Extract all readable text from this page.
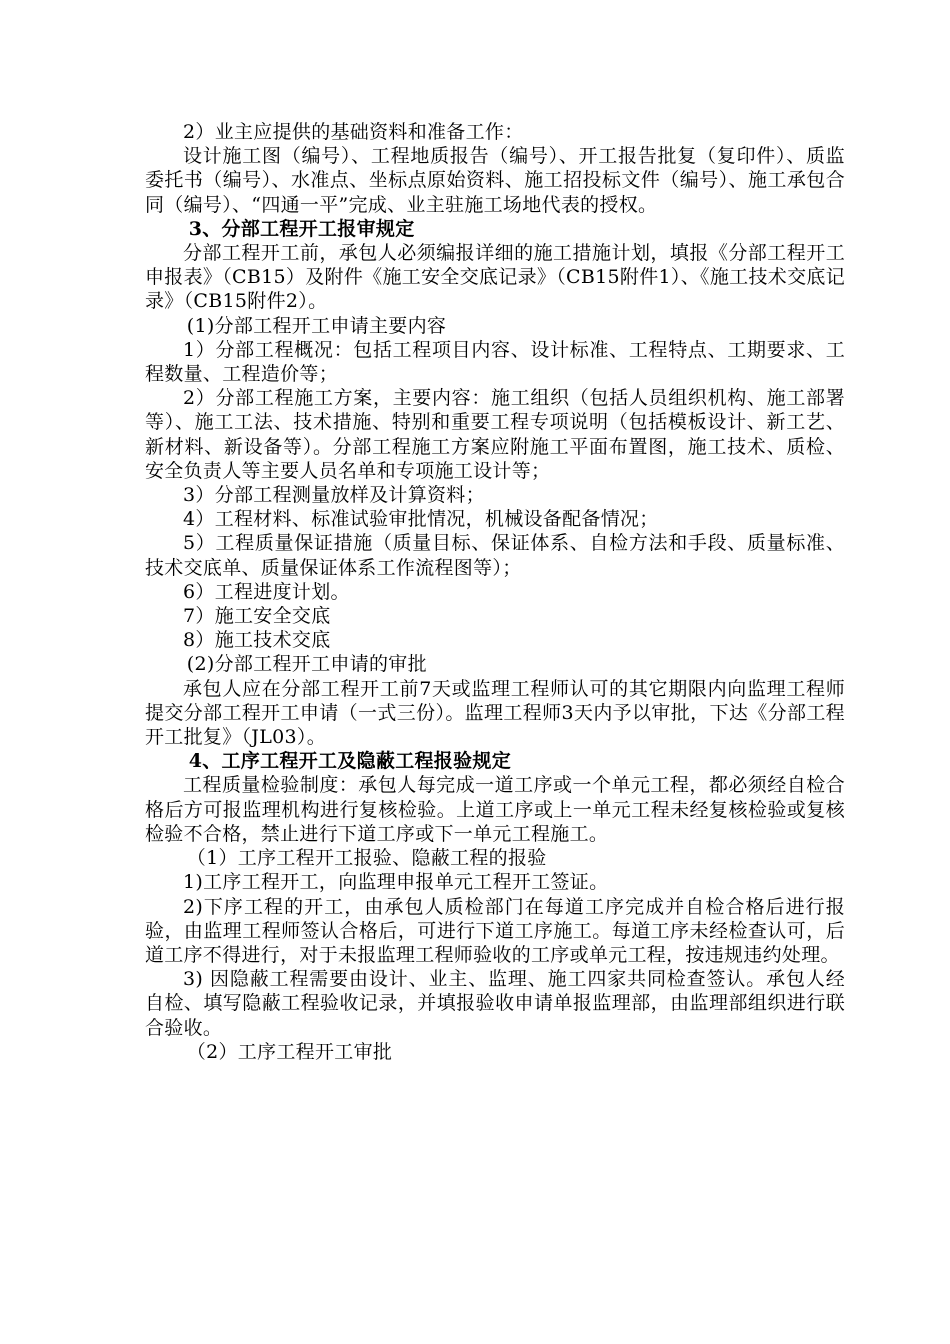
2）业主应提供的基础资料和准备工作：

设计施工图（编号）、工程地质报告（编号）、开工报告批复（复印件）、质监委托书（编号）、水准点、坐标点原始资料、施工招投标文件（编号）、施工承包合同（编号）、“四通一平”完成、业主驻施工场地代表的授权。

3、分部工程开工报审规定

分部工程开工前，承包人必须编报详细的施工措施计划，填报《分部工程开工申报表》（CB15）及附件《施工安全交底记录》（CB15附件1）、《施工技术交底记录》（CB15附件2）。

(1)分部工程开工申请主要内容

1）分部工程概况：包括工程项目内容、设计标准、工程特点、工期要求、工程数量、工程造价等；

2）分部工程施工方案，主要内容：施工组织（包括人员组织机构、施工部署等）、施工工法、技术措施、特别和重要工程专项说明（包括模板设计、新工艺、新材料、新设备等）。分部工程施工方案应附施工平面布置图，施工技术、质检、安全负责人等主要人员名单和专项施工设计等；

3）分部工程测量放样及计算资料；

4）工程材料、标准试验审批情况，机械设备配备情况；

5）工程质量保证措施（质量目标、保证体系、自检方法和手段、质量标准、技术交底单、质量保证体系工作流程图等）；

6）工程进度计划。

7）施工安全交底

8）施工技术交底

(2)分部工程开工申请的审批

承包人应在分部工程开工前7天或监理工程师认可的其它期限内向监理工程师提交分部工程开工申请（一式三份）。监理工程师3天内予以审批，下达《分部工程开工批复》（JL03）。

4、工序工程开工及隐蔽工程报验规定

工程质量检验制度：承包人每完成一道工序或一个单元工程，都必须经自检合格后方可报监理机构进行复核检验。上道工序或上一单元工程未经复核检验或复核检验不合格，禁止进行下道工序或下一单元工程施工。

（1）工序工程开工报验、隐蔽工程的报验

1)工序工程开工，向监理申报单元工程开工签证。

2)下序工程的开工，由承包人质检部门在每道工序完成并自检合格后进行报验，由监理工程师签认合格后，可进行下道工序施工。每道工序未经检查认可，后道工序不得进行，对于未报监理工程师验收的工序或单元工程，按违规违约处理。

3) 因隐蔽工程需要由设计、业主、监理、施工四家共同检查签认。承包人经自检、填写隐蔽工程验收记录，并填报验收申请单报监理部，由监理部组织进行联合验收。

（2）工序工程开工审批
